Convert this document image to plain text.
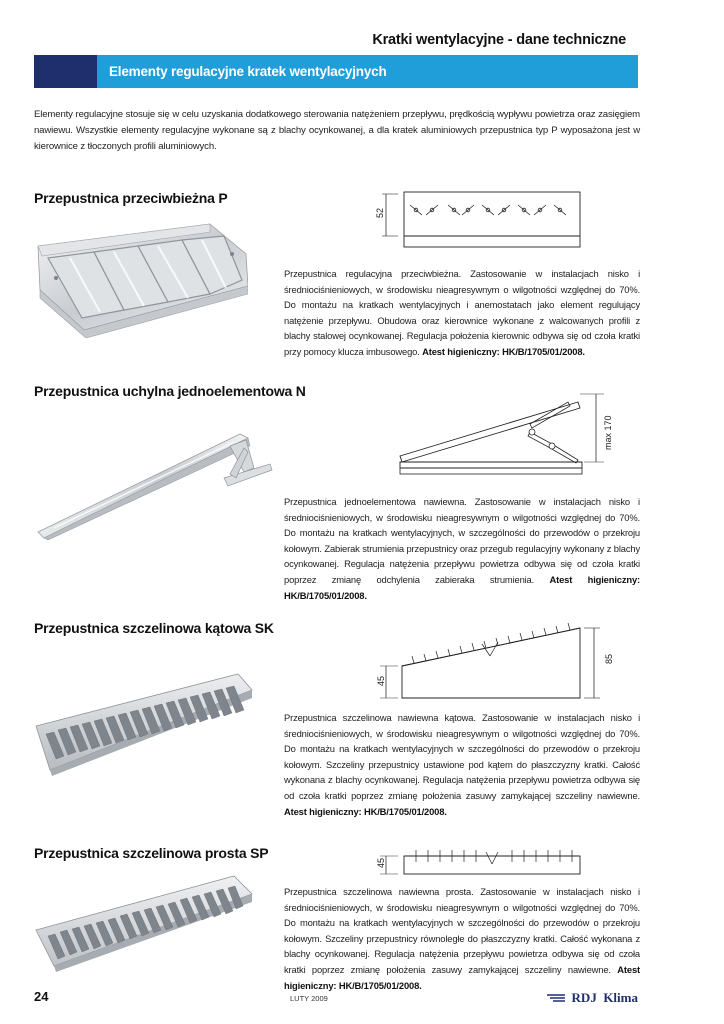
Kratki wentylacyjne - dane techniczne
Elementy regulacyjne kratek wentylacyjnych

Elementy regulacyjne stosuje się w celu uzyskania dodatkowego sterowania natężeniem przepływu, prędkością wypływu powietrza oraz zasięgiem nawiewu. Wszystkie elementy regulacyjne wykonane są z blachy ocynkowanej, a dla kratek aluminiowych przepustnica typ P wyposażona jest w kierownice z tłoczonych profili aluminiowych.

Przepustnica przeciwbieżna P
52

Przepustnica regulacyjna przeciwbieżna. Zastosowanie w instalacjach nisko i średniociśnieniowych, w środowisku nieagresywnym o wilgotności względnej do 70%. Do montażu na kratkach wentylacyjnych i anemostatach jako element regulujący natężenie przepływu. Obudowa oraz kierownice wykonane z walcowanych profili z blachy stalowej ocynkowanej. Regulacja położenia kierownic odbywa się od czoła kratki przy pomocy klucza imbusowego. Atest higieniczny: HK/B/1705/01/2008.

Przepustnica uchylna jednoelementowa N
max 170

Przepustnica jednoelementowa nawiewna. Zastosowanie w instalacjach nisko i średniociśnieniowych, w środowisku nieagresywnym o wilgotności względnej do 70%. Do montażu na kratkach wentylacyjnych, w szczególności do przewodów o przekroju kołowym. Zabierak strumienia przepustnicy oraz przegub regulacyjny wykonany z blachy ocynkowanej. Regulacja natężenia przepływu powietrza odbywa się od czoła kratki poprzez zmianę odchylenia zabieraka strumienia. Atest higieniczny: HK/B/1705/01/2008.

Przepustnica szczelinowa kątowa SK
45
85

Przepustnica szczelinowa nawiewna kątowa. Zastosowanie w instalacjach nisko i średniociśnieniowych, w środowisku nieagresywnym o wilgotności względnej do 70%. Do montażu na kratkach wentylacyjnych w szczególności do przewodów o przekroju kołowym. Szczeliny przepustnicy ustawione pod kątem do płaszczyzny kratki. Całość wykonana z blachy ocynkowanej. Regulacja natężenia przepływu powietrza odbywa się od czoła kratki poprzez zmianę położenia zasuwy zamykającej szczeliny nawiewne. Atest higieniczny: HK/B/1705/01/2008.

Przepustnica szczelinowa prosta SP
45

Przepustnica szczelinowa nawiewna prosta. Zastosowanie w instalacjach nisko i średniociśnieniowych, w środowisku nieagresywnym o wilgotności względnej do 70%. Do montażu na kratkach wentylacyjnych w szczególności do przewodów o przekroju kołowym. Szczeliny przepustnicy równoległe do płaszczyzny kratki. Całość wykonana z blachy ocynkowanej. Regulacja natężenia przepływu powietrza odbywa się od czoła kratki poprzez zmianę położenia zasuwy zamykającej szczeliny nawiewne. Atest higieniczny: HK/B/1705/01/2008.

24	LUTY 2009	RDJ  Klima
